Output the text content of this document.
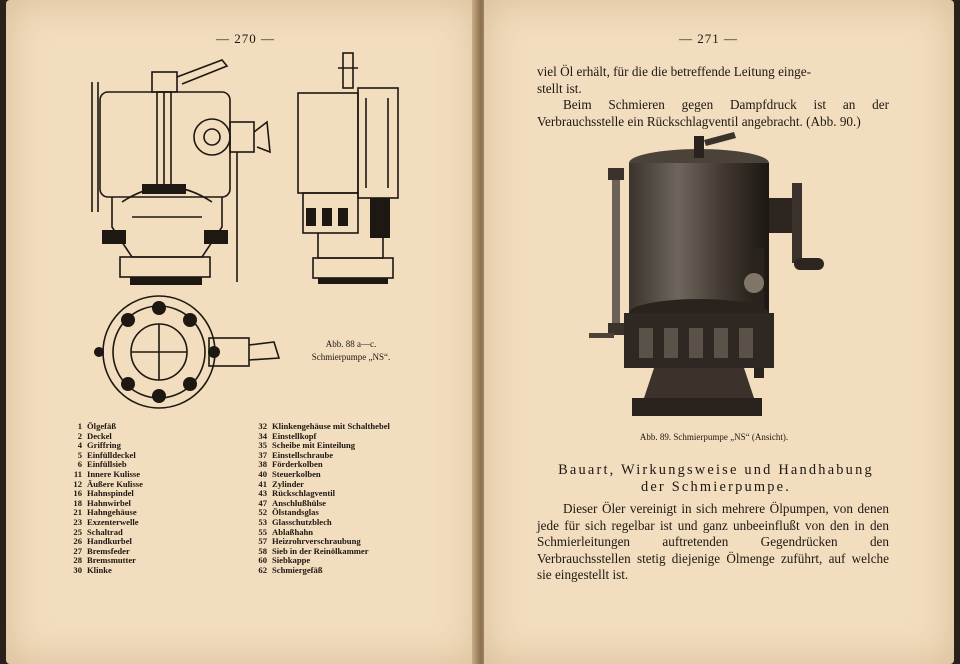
— 270 —
Abb. 88 a—c.
Schmierpumpe „NS“.
1 Ölgefäß
2 Deckel
4 Griffring
5 Einfülldeckel
6 Einfüllsieb
11 Innere Kulisse
12 Äußere Kulisse
16 Hahnspindel
18 Hahnwirbel
21 Hahngehäuse
23 Exzenterwelle
25 Schaltrad
26 Handkurbel
27 Bremsfeder
28 Bremsmutter
30 Klinke
32 Klinkengehäuse mit Schalthebel
34 Einstellkopf
35 Scheibe mit Einteilung
37 Einstellschraube
38 Förderkolben
40 Steuerkolben
41 Zylinder
43 Rückschlagventil
47 Anschlußhülse
52 Ölstandsglas
53 Glasschutzblech
55 Ablaßhahn
57 Heizrohrverschraubung
58 Sieb in der Reinölkammer
60 Siebkappe
62 Schmiergefäß
— 271 —

viel Öl erhält, für die die betreffende Leitung einge-

stellt ist.

Beim Schmieren gegen Dampfdruck ist an der Verbrauchsstelle ein Rückschlagventil angebracht. (Abb. 90.)

Abb. 89. Schmierpumpe „NS“ (Ansicht).
Bauart, Wirkungsweise und Handhabung
der Schmierpumpe.

Dieser Öler vereinigt in sich mehrere Ölpumpen, von denen jede für sich regelbar ist und ganz unbeeinflußt von den in den Schmierleitungen auftretenden Gegendrücken den Verbrauchsstellen stetig diejenige Ölmenge zuführt, auf welche sie eingestellt ist.
